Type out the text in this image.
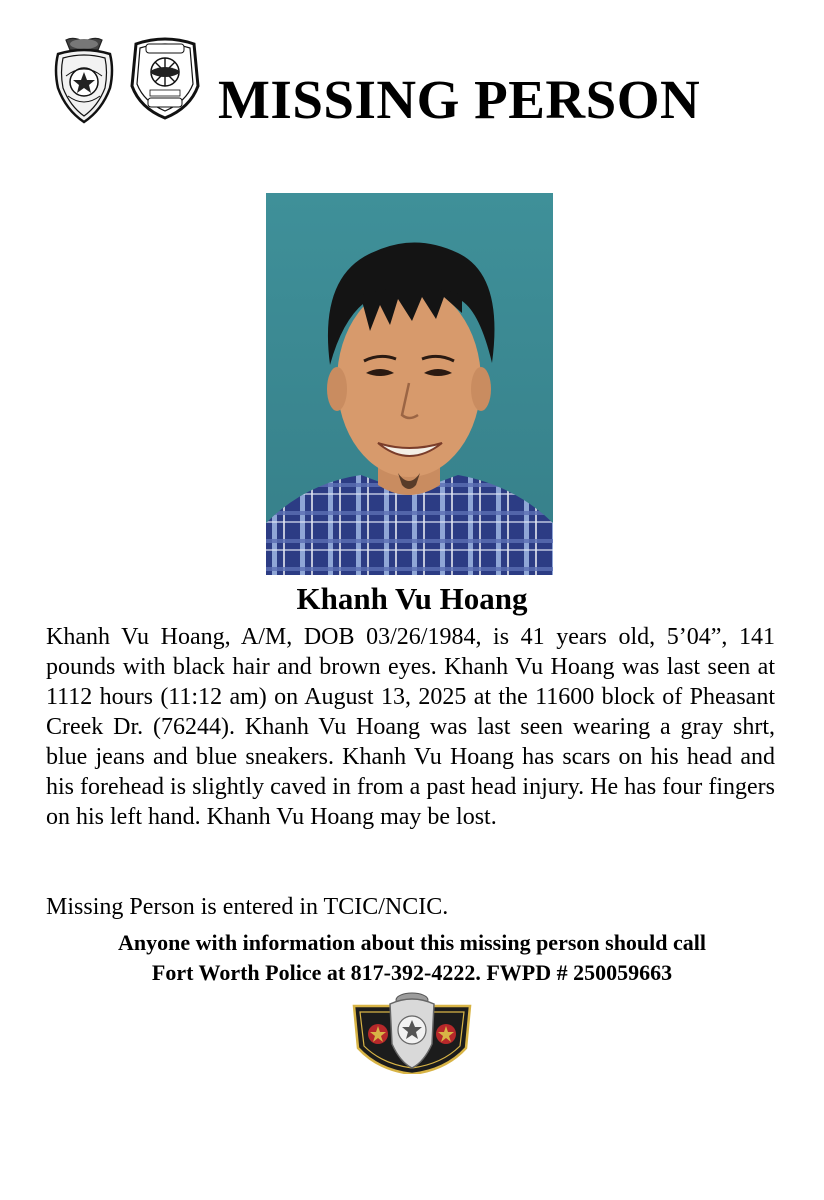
MISSING PERSON
Khanh Vu Hoang

Khanh Vu Hoang, A/M, DOB 03/26/1984, is 41 years old, 5’04”, 141 pounds with black hair and brown eyes. Khanh Vu Hoang was last seen at 1112 hours (11:12 am) on August 13, 2025 at the 11600 block of Pheasant Creek Dr. (76244). Khanh Vu Hoang was last seen wearing a gray shrt, blue jeans and blue sneakers. Khanh Vu Hoang has scars on his head and his forehead is slightly caved in from a past head injury. He has four fingers on his left hand. Khanh Vu Hoang may be lost.

Missing Person is entered in TCIC/NCIC.

Anyone with information about this missing person should call
Fort Worth Police at 817-392-4222. FWPD # 250059663
